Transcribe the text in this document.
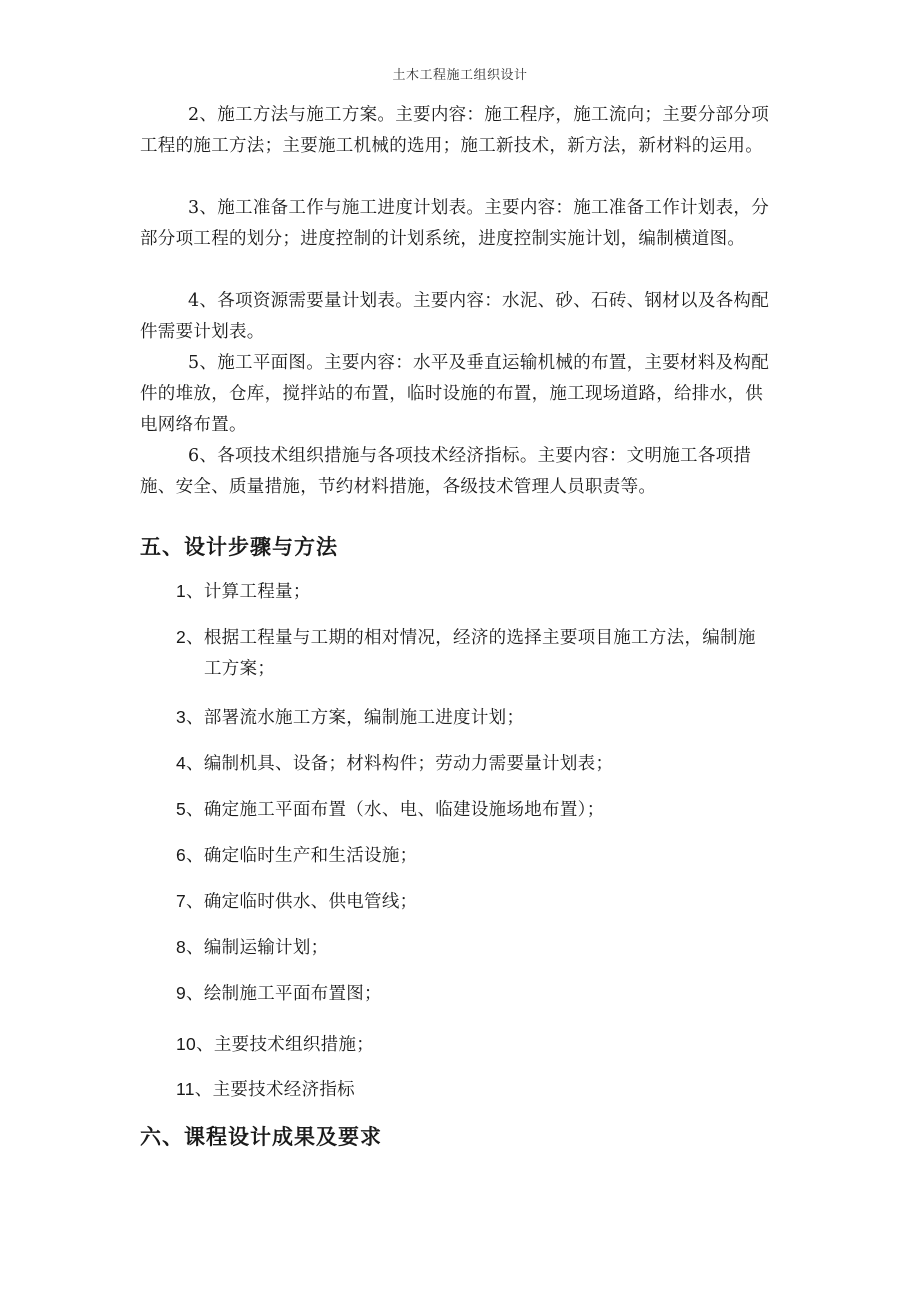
土木工程施工组织设计

2、施工方法与施工方案。主要内容：施工程序，施工流向；主要分部分项工程的施工方法；主要施工机械的选用；施工新技术，新方法，新材料的运用。

3、施工准备工作与施工进度计划表。主要内容：施工准备工作计划表，分部分项工程的划分；进度控制的计划系统，进度控制实施计划，编制横道图。

4、各项资源需要量计划表。主要内容：水泥、砂、石砖、钢材以及各构配件需要计划表。

5、施工平面图。主要内容：水平及垂直运输机械的布置，主要材料及构配件的堆放，仓库，搅拌站的布置，临时设施的布置，施工现场道路，给排水，供电网络布置。

6、各项技术组织措施与各项技术经济指标。主要内容：文明施工各项措施、安全、质量措施，节约材料措施，各级技术管理人员职责等。

五、设计步骤与方法
1、计算工程量；
2、根据工程量与工期的相对情况，经济的选择主要项目施工方法，编制施
工方案；
3、部署流水施工方案，编制施工进度计划；
4、编制机具、设备；材料构件；劳动力需要量计划表；
5、确定施工平面布置（水、电、临建设施场地布置）；
6、确定临时生产和生活设施；
7、确定临时供水、供电管线；
8、编制运输计划；
9、绘制施工平面布置图；
10、主要技术组织措施；
11、主要技术经济指标
六、课程设计成果及要求
